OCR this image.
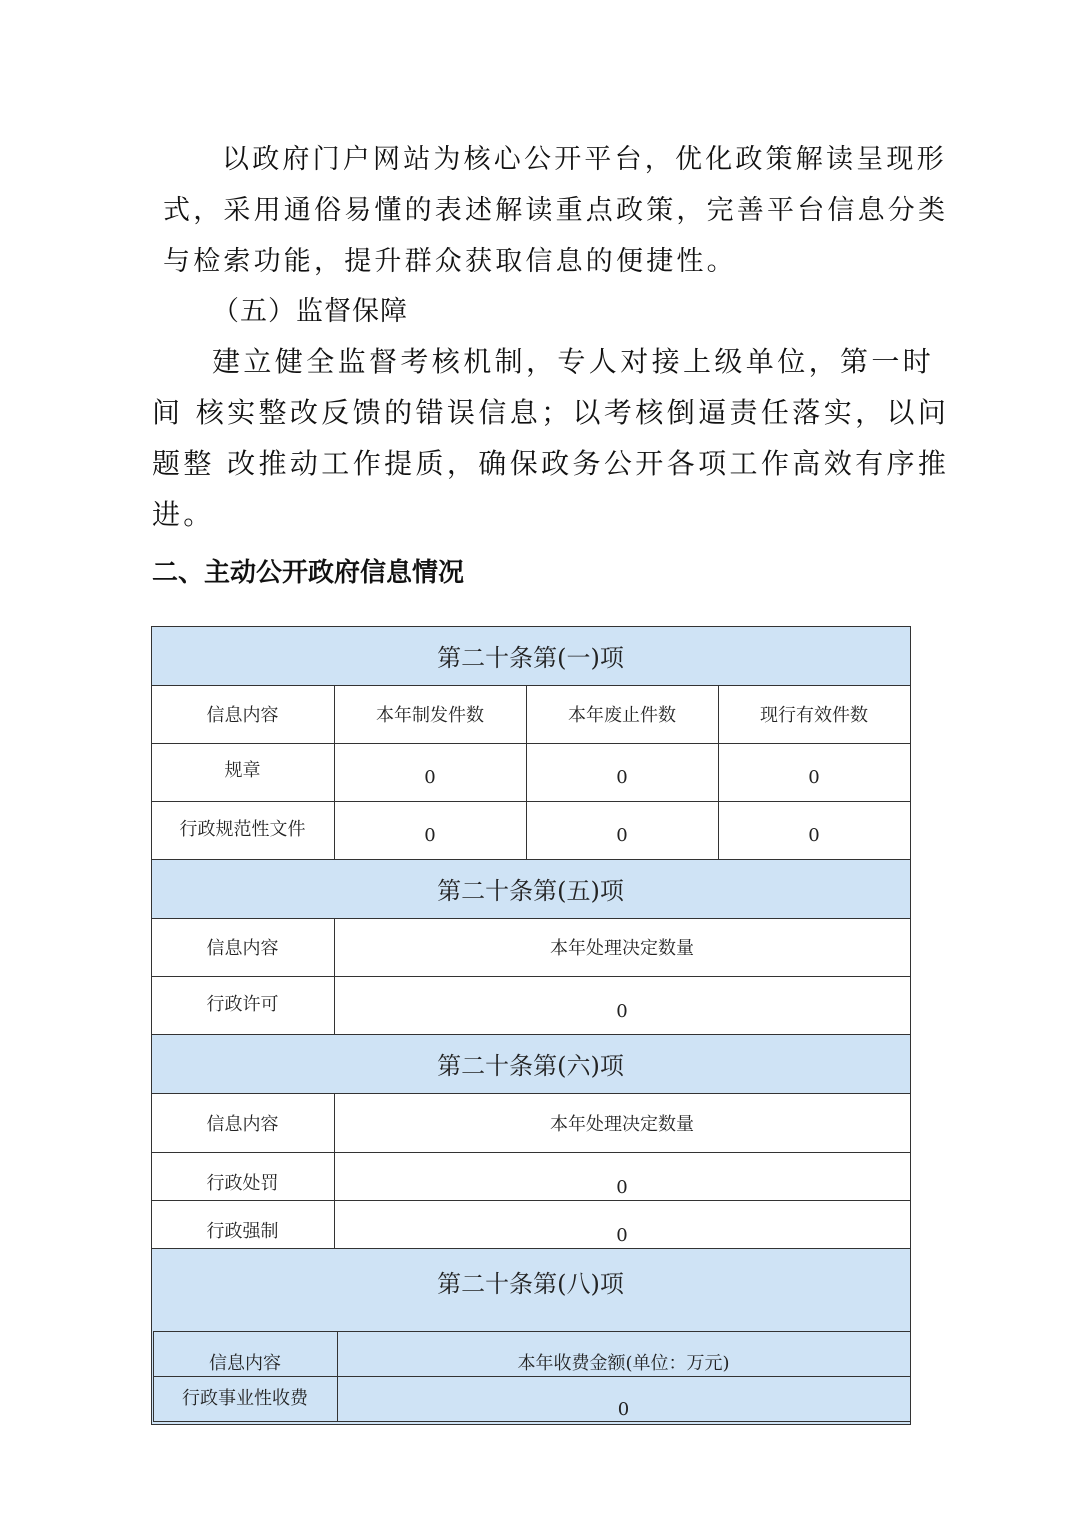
以政府门户网站为核心公开平台，优化政策解读呈现形
式，采用通俗易懂的表述解读重点政策，完善平台信息分类
与检索功能，提升群众获取信息的便捷性。
（五）监督保障
建立健全监督考核机制，专人对接上级单位，第一时
间 核实整改反馈的错误信息；以考核倒逼责任落实，以问
题整 改推动工作提质，确保政务公开各项工作高效有序推
进。
二、主动公开政府信息情况
第二十条第(一)项
信息内容	本年制发件数	本年废止件数	现行有效件数
规章	0	0	0
行政规范性文件	0	0	0
第二十条第(五)项
信息内容	本年处理决定数量
行政许可	0
第二十条第(六)项
信息内容	本年处理决定数量
行政处罚	0
行政强制	0
第二十条第(八)项
信息内容	本年收费金额(单位：万元)
行政事业性收费	0
